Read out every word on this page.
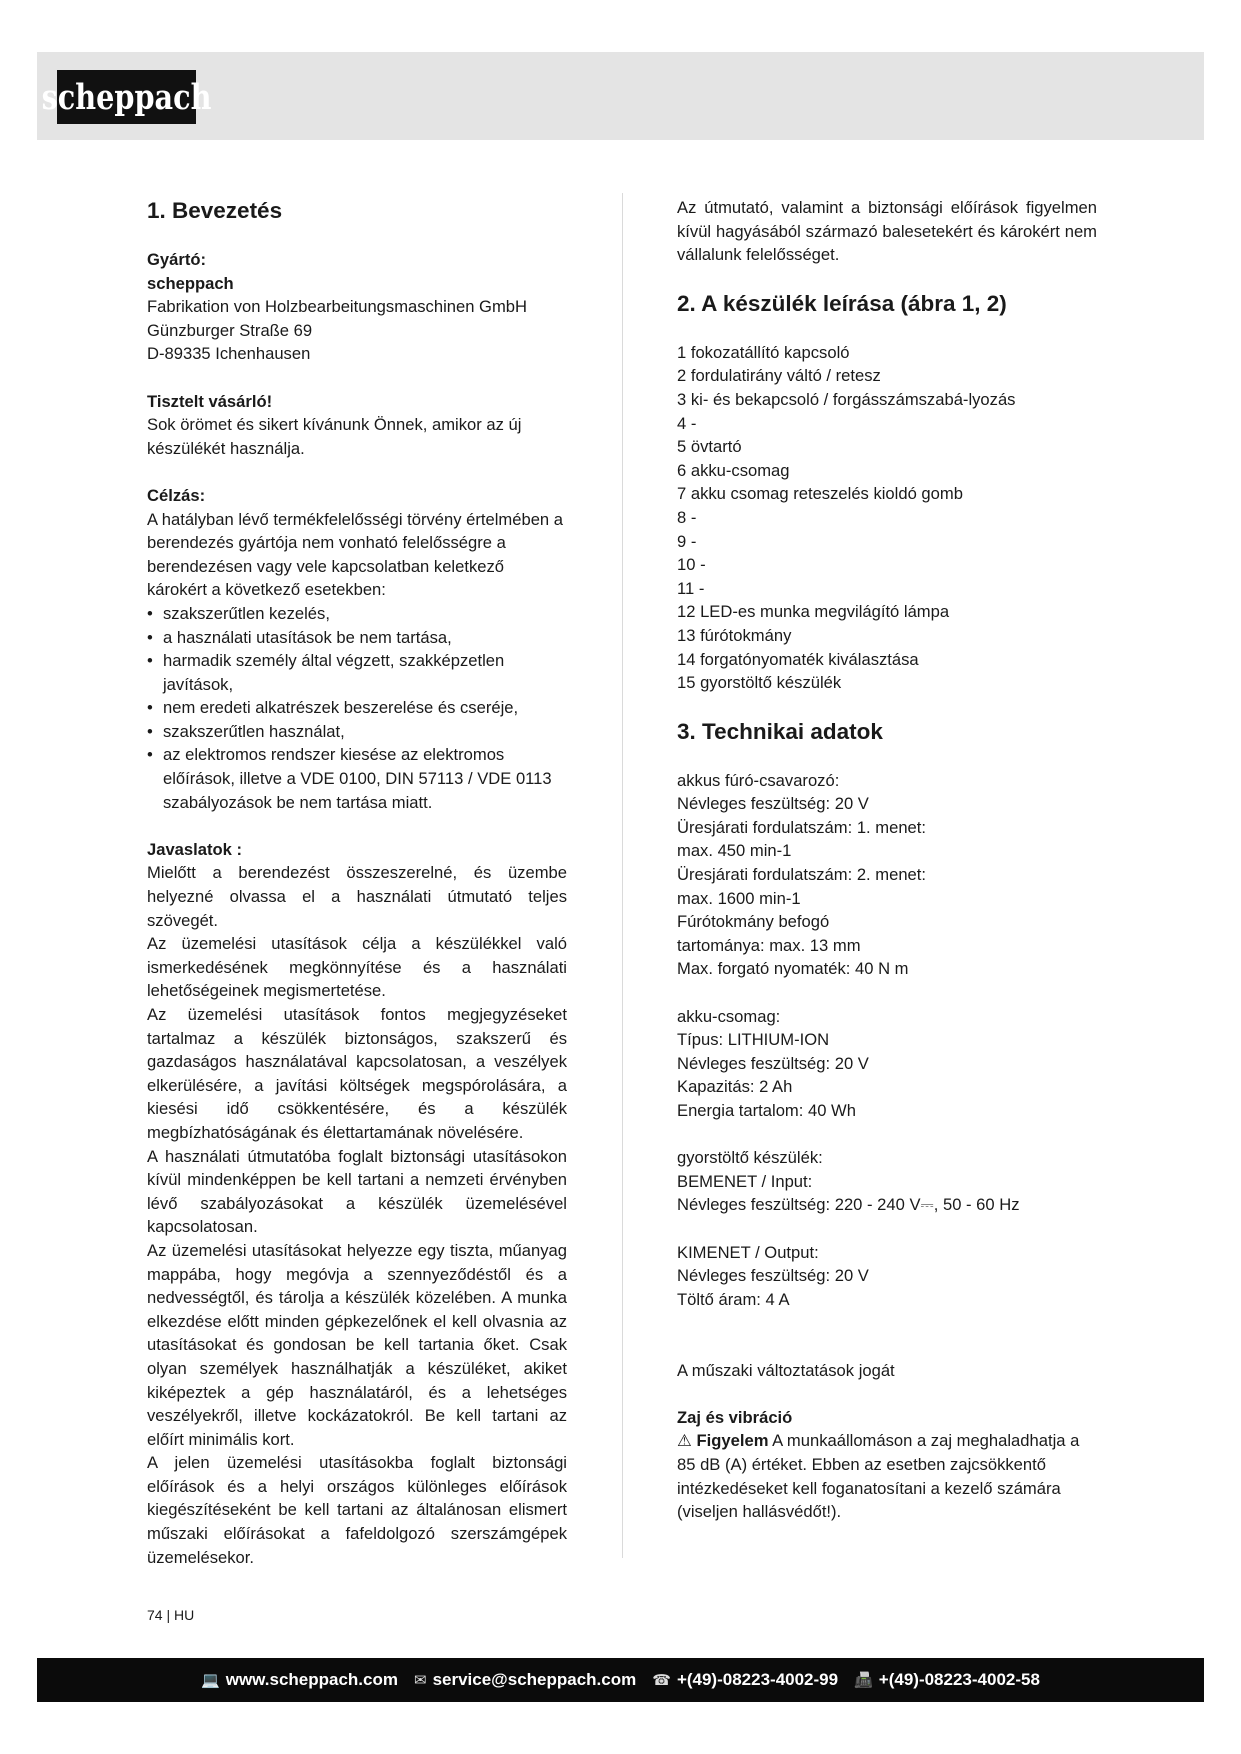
scheppach
1. Bevezetés

Gyártó:

scheppach

Fabrikation von Holzbearbeitungsmaschinen GmbH

Günzburger Straße 69

D-89335 Ichenhausen

Tisztelt vásárló!

Sok örömet és sikert kívánunk Önnek, amikor az új készülékét használja.

Célzás:

A hatályban lévő termékfelelősségi törvény értelmében a berendezés gyártója nem vonható felelősségre a berendezésen vagy vele kapcsolatban keletkező károkért a következő esetekben:

• szakszerűtlen kezelés,
• a használati utasítások be nem tartása,
• harmadik személy által végzett, szakképzetlen javítások,
• nem eredeti alkatrészek beszerelése és cseréje,
• szakszerűtlen használat,
• az elektromos rendszer kiesése az elektromos előírások, illetve a VDE 0100, DIN 57113 / VDE 0113 szabályozások be nem tartása miatt.

Javaslatok :

Mielőtt a berendezést összeszerelné, és üzembe helyezné olvassa el a használati útmutató teljes szövegét.

Az üzemelési utasítások célja a készülékkel való ismerkedésének megkönnyítése és a használati lehetőségeinek megismertetése.

Az üzemelési utasítások fontos megjegyzéseket tartalmaz a készülék biztonságos, szakszerű és gazdaságos használatával kapcsolatosan, a veszélyek elkerülésére, a javítási költségek megspórolására, a kiesési idő csökkentésére, és a készülék megbízhatóságának és élettartamának növelésére.

A használati útmutatóba foglalt biztonsági utasításokon kívül mindenképpen be kell tartani a nemzeti érvényben lévő szabályozásokat a készülék üzemelésével kapcsolatosan.

Az üzemelési utasításokat helyezze egy tiszta, műanyag mappába, hogy megóvja a szennyeződéstől és a nedvességtől, és tárolja a készülék közelében. A munka elkezdése előtt minden gépkezelőnek el kell olvasnia az utasításokat és gondosan be kell tartania őket. Csak olyan személyek használhatják a készüléket, akiket kiképeztek a gép használatáról, és a lehetséges veszélyekről, illetve kockázatokról. Be kell tartani az előírt minimális kort.

A jelen üzemelési utasításokba foglalt biztonsági előírások és a helyi országos különleges előírások kiegészítéseként be kell tartani az általánosan elismert műszaki előírásokat a fafeldolgozó szerszámgépek üzemelésekor.

Az útmutató, valamint a biztonsági előírások figyelmen kívül hagyásából származó balesetekért és károkért nem vállalunk felelősséget.

2. A készülék leírása (ábra 1, 2)
1 fokozatállító kapcsoló
2 fordulatirány váltó / retesz
3 ki- és bekapcsoló / forgásszámszabá-lyozás
4 -
5 övtartó
6 akku-csomag
7 akku csomag reteszelés kioldó gomb
8 -
9 -
10 -
11 -
12 LED-es munka megvilágító lámpa
13 fúrótokmány
14 forgatónyomaték kiválasztása
15 gyorstöltő készülék
3. Technikai adatok
akkus fúró-csavarozó:
Névleges feszültség: 20 V
Üresjárati fordulatszám: 1. menet:
max. 450 min-1
Üresjárati fordulatszám: 2. menet:
max. 1600 min-1
Fúrótokmány befogó
tartománya: max. 13 mm
Max. forgató nyomaték: 40 N m
akku-csomag:
Típus: LITHIUM-ION
Névleges feszültség: 20 V
Kapazitás: 2 Ah
Energia tartalom: 40 Wh
gyorstöltő készülék:
BEMENET / Input:
Névleges feszültség: 220 - 240 V⎓, 50 - 60 Hz
KIMENET / Output:
Névleges feszültség: 20 V
Töltő áram: 4 A

A műszaki változtatások jogát

Zaj és vibráció

⚠ Figyelem A munkaállomáson a zaj meghaladhatja a 85 dB (A) értéket. Ebben az esetben zajcsökkentő intézkedéseket kell foganatosítani a kezelő számára (viseljen hallásvédőt!).

74 | HU
💻 www.scheppach.com ✉ service@scheppach.com ☎ +(49)-08223-4002-99 📠 +(49)-08223-4002-58
